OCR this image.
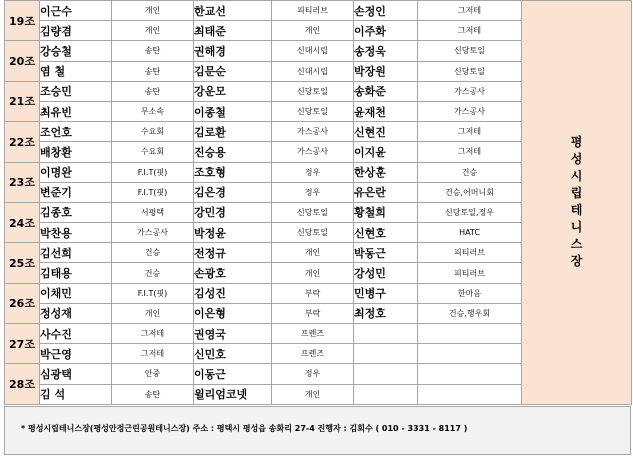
19조	이근수	개인	한교선	피티러브	손정인	그저테	평성시립테니스장
	김량겸	개인	최태준	개인	이주화	그저테	
20조	강승철	송탄	권해경	신대시립	송정욱	신당토일	
	염 철	송탄	김문순	신대시립	박장원	신당토일	
21조	조승민	송탄	강운모	신당토일	송화준	가스공사	
	최유빈	무소속	이종철	신당토일	윤재천	가스공사	
22조	조언호	수요회	김로환	가스공사	신현진	그저테	
	배창환	수요회	진승용	가스공사	이지윤	그저테	
23조	이명완	F.I.T(핏)	조호형	정우	한상훈	건승	
	변준기	F.I.T(핏)	김은경	정우	유은란	건승,어머니회	
24조	김종호	서평택	강민경	신당토일	황철희	신당토일,정우	
	박찬용	가스공사	박정윤	신당토일	신현호	HATC	
25조	김선희	건승	전정규	개인	박동근	피티러브	
	김태용	건승	손광호	개인	강성민	피티러브	
26조	이채민	F.I.T(핏)	김성진	부락	민병구	한마음	
	정성재	개인	이은형	부락	최정호	건승,행우회	
27조	사수진	그저테	권영국	프렌즈			
	박근영	그저테	신민호	프렌즈			
28조	심광택	안중	이동근	정우			
	김 석	송탄	윌리엄코넷	개인			
* 평성시립테니스장(평성안정근린공원테니스장) 주소 : 평택시 평성읍 송화리 27-4 진행자 : 김회수 ( 010 - 3331 - 8117 )
